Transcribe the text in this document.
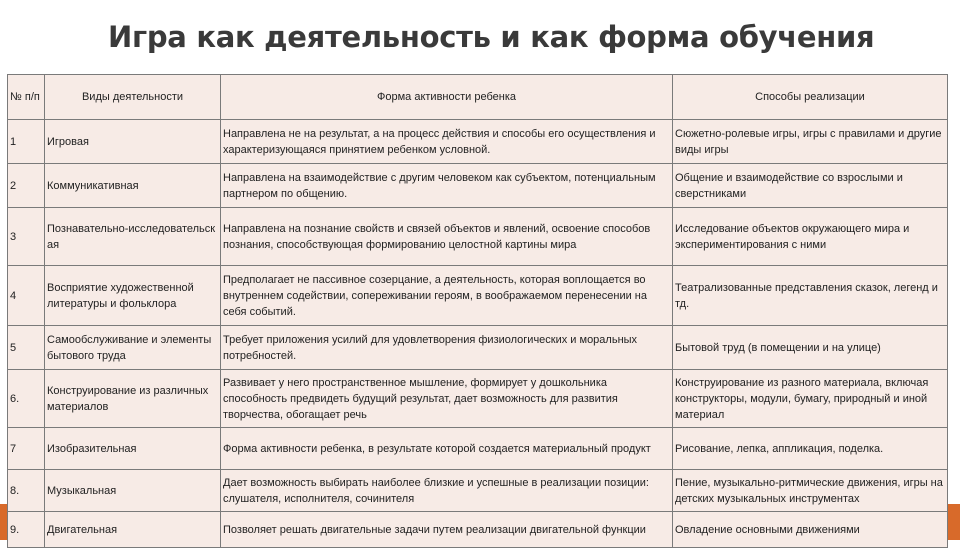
Игра как деятельность и как форма обучения
№ п/п	Виды деятельности	Форма активности ребенка	Способы реализации
1	Игровая	Направлена не на результат, а на процесс действия и способы его осуществления и характеризующаяся принятием ребенком условной.	Сюжетно-ролевые игры, игры с правилами и другие виды игры
2	Коммуникативная	Направлена на взаимодействие с другим человеком как субъектом, потенциальным партнером по общению.	Общение и взаимодействие со взрослыми и сверстниками
3	Познавательно-исследовательская	Направлена на познание свойств и связей объектов и явлений, освоение способов познания, способствующая формированию целостной картины мира	Исследование объектов окружающего мира и экспериментирования с ними
4	Восприятие художественной литературы и фольклора	Предполагает не пассивное созерцание, а деятельность, которая воплощается во внутреннем содействии, сопереживании героям, в воображаемом перенесении на себя событий.	Театрализованные представления сказок, легенд и тд.
5	Самообслуживание и элементы бытового труда	Требует приложения усилий для удовлетворения физиологических и моральных потребностей.	Бытовой труд (в помещении и на улице)
6.	Конструирование из различных материалов	Развивает у него пространственное мышление, формирует у дошкольника способность предвидеть будущий результат, дает возможность для развития творчества, обогащает речь	Конструирование из разного материала, включая конструкторы, модули, бумагу, природный и иной материал
7	Изобразительная	Форма активности ребенка, в результате которой создается материальный продукт	Рисование, лепка, аппликация, поделка.
8.	Музыкальная	Дает возможность выбирать наиболее близкие и успешные в реализации позиции: слушателя, исполнителя, сочинителя	Пение, музыкально-ритмические движения, игры на детских музыкальных инструментах
9.	Двигательная	Позволяет решать двигательные задачи путем реализации двигательной функции	Овладение основными движениями
